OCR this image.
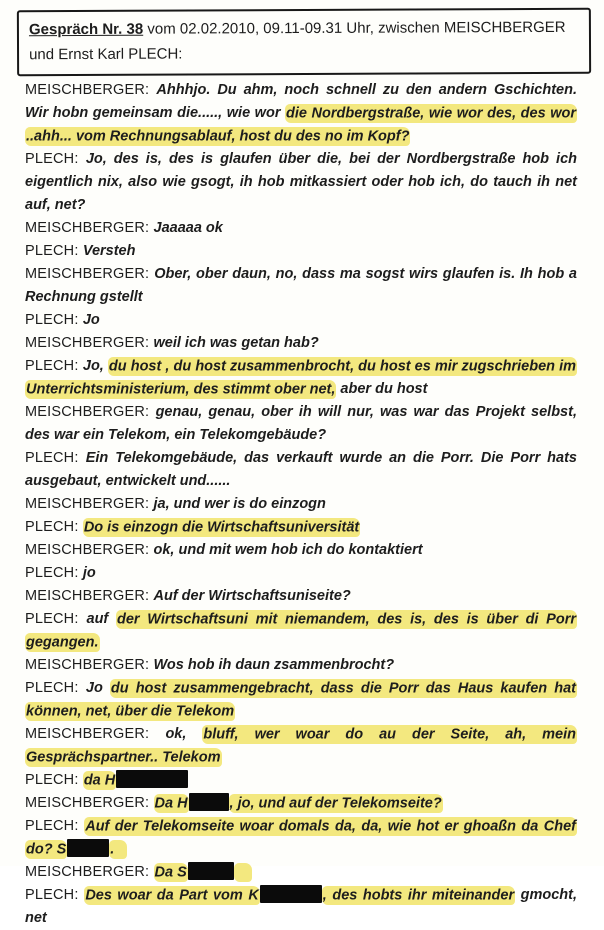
Gespräch Nr. 38 vom 02.02.2010, 09.11-09.31 Uhr, zwischen MEISCHBERGER und Ernst Karl PLECH:

MEISCHBERGER: Ahhhjo. Du ahm, noch schnell zu den andern Gschichten. Wir hobn gemeinsam die....., wie wor die Nordbergstraße, wie wor des, des wor ..ahh... vom Rechnungsablauf, host du des no im Kopf?

PLECH: Jo, des is, des is glaufen über die, bei der Nordbergstraße hob ich eigentlich nix, also wie gsogt, ih hob mitkassiert oder hob ich, do tauch ih net auf, net?

MEISCHBERGER: Jaaaaa ok

PLECH: Versteh

MEISCHBERGER: Ober, ober daun, no, dass ma sogst wirs glaufen is. Ih hob a Rechnung gstellt

PLECH: Jo

MEISCHBERGER: weil ich was getan hab?

PLECH: Jo, du host , du host zusammenbrocht, du host es mir zugschrieben im Unterrichtsministerium, des stimmt ober net, aber du host

MEISCHBERGER: genau, genau, ober ih will nur, was war das Projekt selbst, des war ein Telekom, ein Telekomgebäude?

PLECH: Ein Telekomgebäude, das verkauft wurde an die Porr. Die Porr hats ausgebaut, entwickelt und......

MEISCHBERGER: ja, und wer is do einzogn

PLECH: Do is einzogn die Wirtschaftsuniversität

MEISCHBERGER: ok, und mit wem hob ich do kontaktiert

PLECH: jo

MEISCHBERGER: Auf der Wirtschaftsuniseite?

PLECH: auf der Wirtschaftsuni mit niemandem, des is, des is über di Porr gegangen.

MEISCHBERGER: Wos hob ih daun zsammenbrocht?

PLECH: Jo du host zusammengebracht, dass die Porr das Haus kaufen hat können, net, über die Telekom

MEISCHBERGER: ok, bluff, wer woar do au der Seite, ah, mein Gesprächspartner.. Telekom

PLECH: da H

MEISCHBERGER: Da H	, jo, und auf der Telekomseite?

PLECH: Auf der Telekomseite woar domals da, da, wie hot er ghoaßn da Chef do? S	.

MEISCHBERGER: Da S

PLECH: Des woar da Part vom K	, des hobts ihr miteinander gmocht, net
